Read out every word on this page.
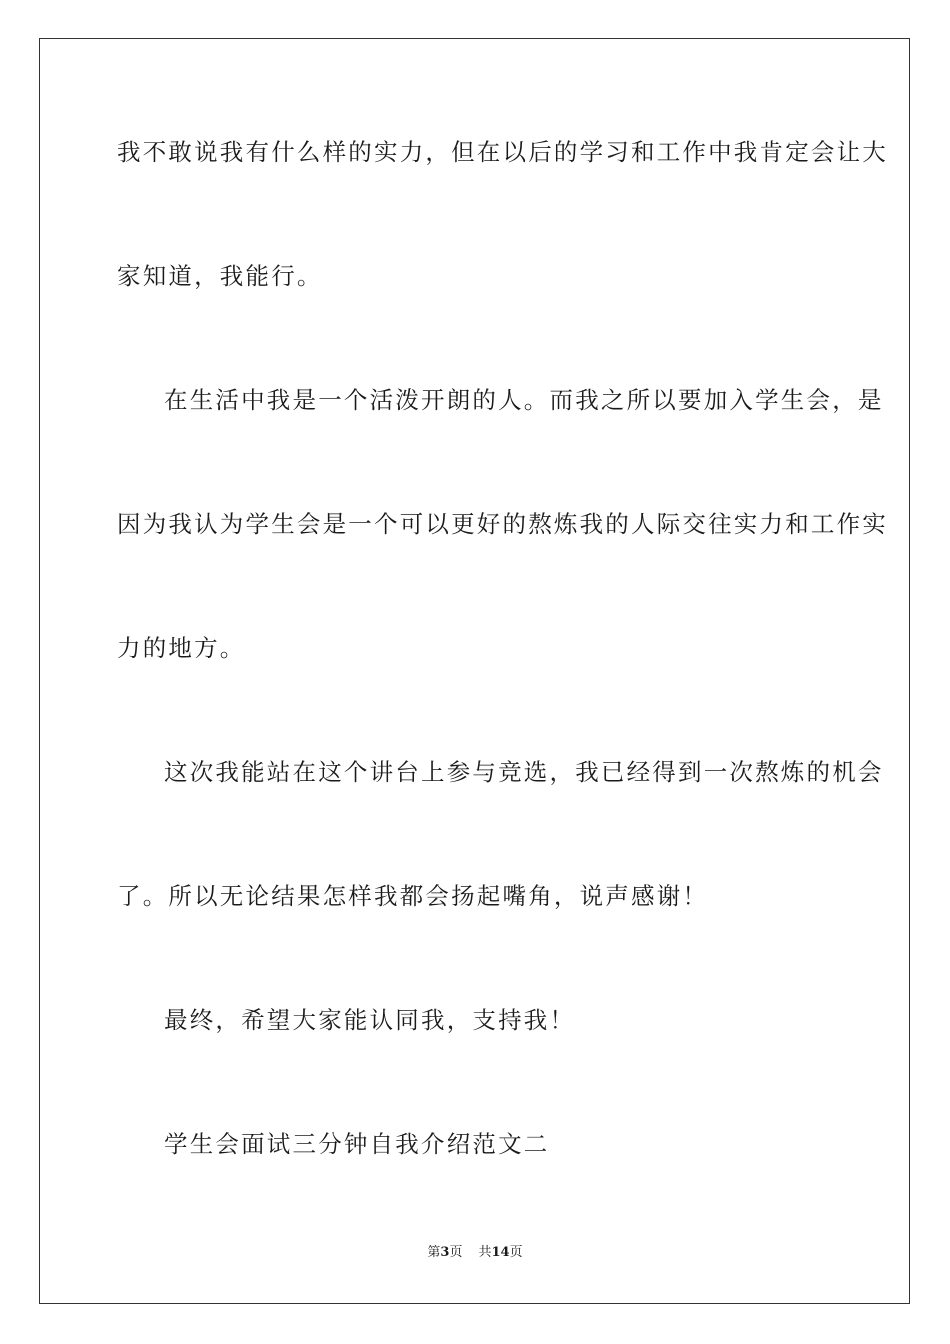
我不敢说我有什么样的实力，但在以后的学习和工作中我肯定会让大
家知道，我能行。
在生活中我是一个活泼开朗的人。而我之所以要加入学生会，是
因为我认为学生会是一个可以更好的熬炼我的人际交往实力和工作实
力的地方。
这次我能站在这个讲台上参与竞选，我已经得到一次熬炼的机会
了。所以无论结果怎样我都会扬起嘴角，说声感谢！
最终，希望大家能认同我，支持我！
学生会面试三分钟自我介绍范文二
第3页 共14页
